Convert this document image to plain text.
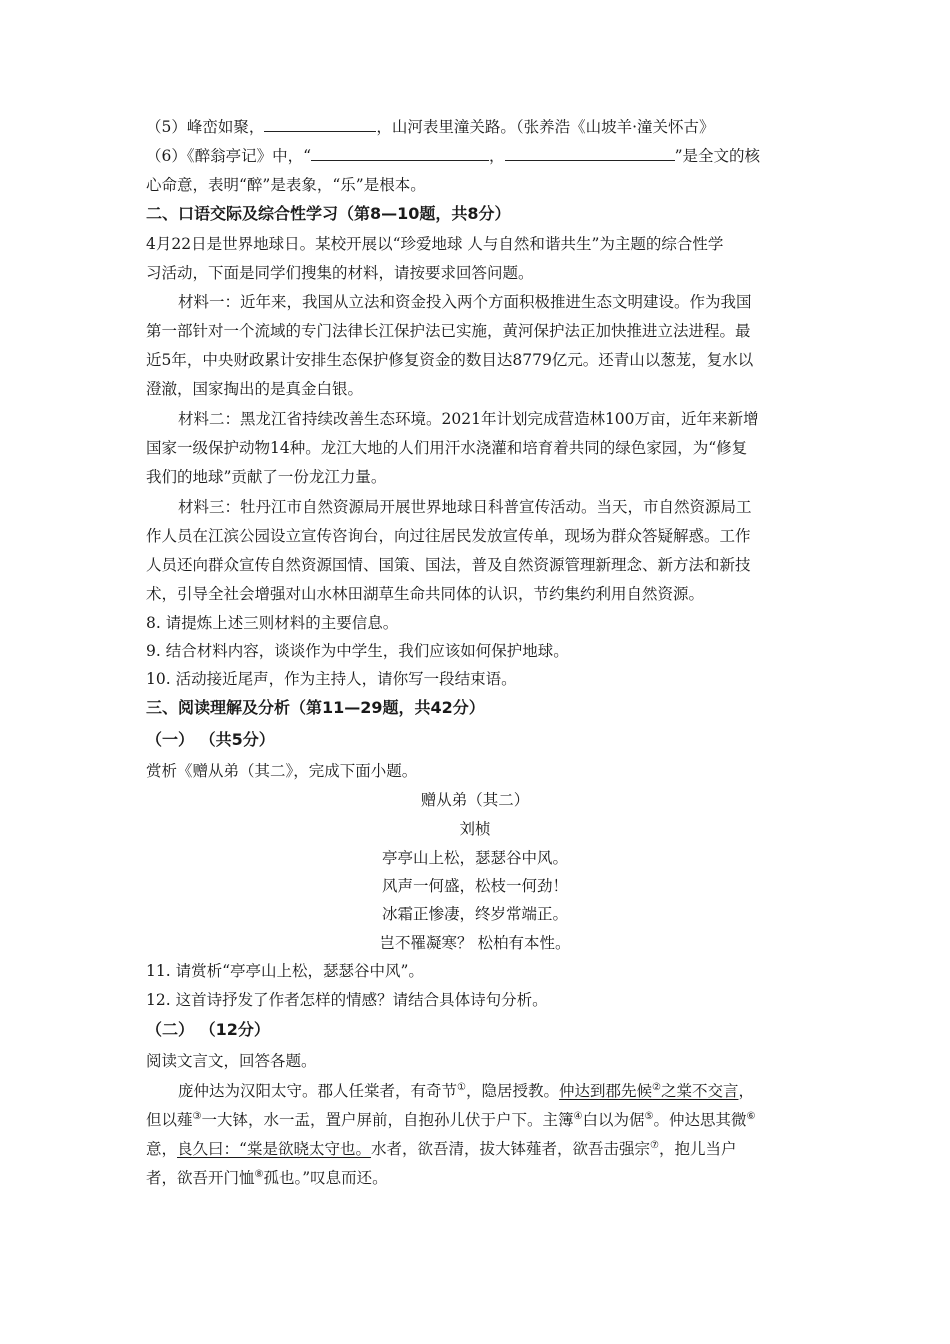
（5）峰峦如聚，	，山河表里潼关路。（张养浩《山坡羊·潼关怀古》
（6）《醉翁亭记》中，“	，	”是全文的核
心命意，表明“醉”是表象，“乐”是根本。
二、口语交际及综合性学习（第8—10题，共8分）
4月22日是世界地球日。某校开展以“珍爱地球 人与自然和谐共生”为主题的综合性学
习活动，下面是同学们搜集的材料，请按要求回答问题。
材料一：近年来，我国从立法和资金投入两个方面积极推进生态文明建设。作为我国
第一部针对一个流域的专门法律长江保护法已实施，黄河保护法正加快推进立法进程。最
近5年，中央财政累计安排生态保护修复资金的数目达8779亿元。还青山以葱茏，复水以
澄澈，国家掏出的是真金白银。
材料二：黑龙江省持续改善生态环境。2021年计划完成营造林100万亩，近年来新增
国家一级保护动物14种。龙江大地的人们用汗水浇灌和培育着共同的绿色家园，为“修复
我们的地球”贡献了一份龙江力量。
材料三：牡丹江市自然资源局开展世界地球日科普宣传活动。当天，市自然资源局工
作人员在江滨公园设立宣传咨询台，向过往居民发放宣传单，现场为群众答疑解惑。工作
人员还向群众宣传自然资源国情、国策、国法，普及自然资源管理新理念、新方法和新技
术，引导全社会增强对山水林田湖草生命共同体的认识，节约集约利用自然资源。
8. 请提炼上述三则材料的主要信息。
9. 结合材料内容，谈谈作为中学生，我们应该如何保护地球。
10. 活动接近尾声，作为主持人，请你写一段结束语。
三、阅读理解及分析（第11—29题，共42分）
（一） （共5分）
赏析《赠从弟（其二》，完成下面小题。
赠从弟（其二）
刘桢
亭亭山上松，瑟瑟谷中风。
风声一何盛，松枝一何劲！
冰霜正惨凄，终岁常端正。
岂不罹凝寒？ 松柏有本性。
11. 请赏析“亭亭山上松，瑟瑟谷中风”。
12. 这首诗抒发了作者怎样的情感？请结合具体诗句分析。
（二） （12分）
阅读文言文，回答各题。
庞仲达为汉阳太守。郡人任棠者，有奇节①，隐居授教。仲达到郡先候②之棠不交言，
但以薤③一大钵，水一盂，置户屏前，自抱孙儿伏于户下。主簿④白以为倨⑤。仲达思其微⑥
意，良久曰：“棠是欲晓太守也。水者，欲吾清，拔大钵薤者，欲吾击强宗⑦，抱儿当户
者，欲吾开门恤⑧孤也。”叹息而还。
